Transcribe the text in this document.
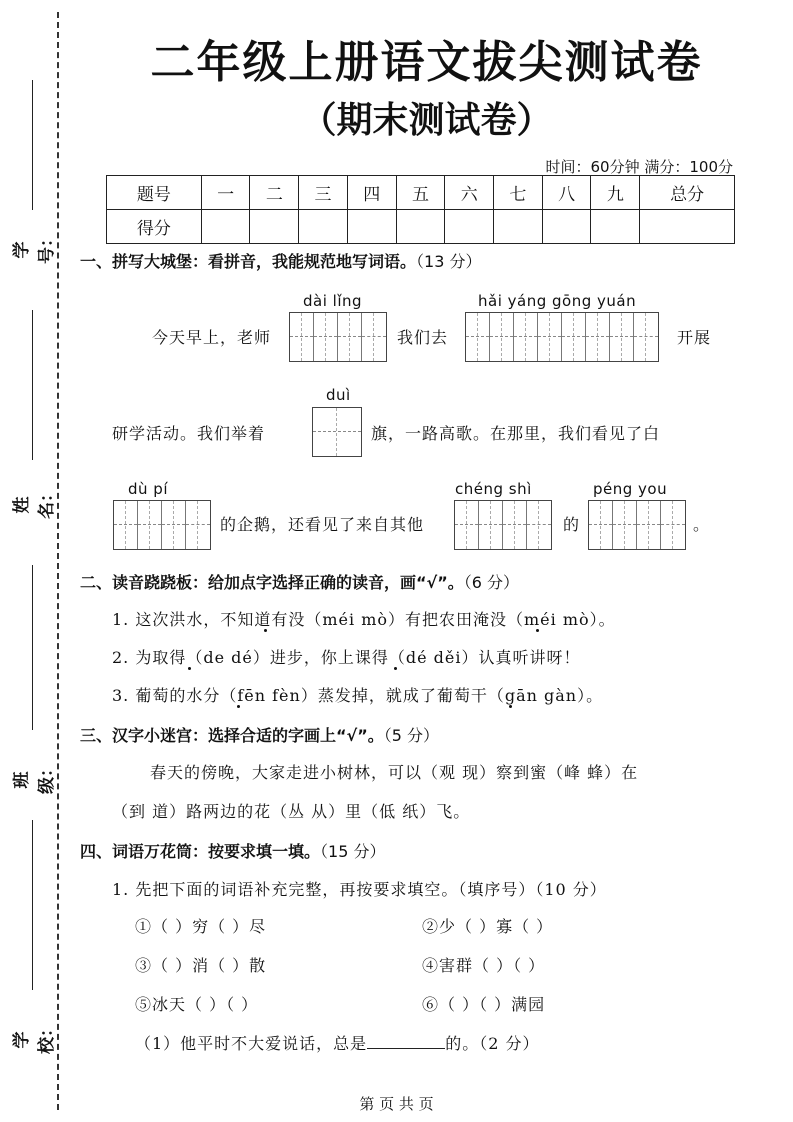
学号：
姓名：
班级：
学校：
二年级上册语文拔尖测试卷
（期末测试卷）
时间：60分钟 满分：100分
题号	一	二	三	四	五	六	七	八	九	总分
得分										
一、拼写大城堡：看拼音，我能规范地写词语。（13 分）
dài lǐng	hǎi yáng gōng yuán
今天早上，老师	我们去	开展
duì
研学活动。我们举着	旗，一路高歌。在那里，我们看见了白
dù pí	chéng shì	péng you
的企鹅，还看见了来自其他	的	。
二、读音跷跷板：给加点字选择正确的读音，画“√”。（6 分）
1. 这次洪水，不知道有没（méi mò）有把农田淹没（méi mò）。
2. 为取得（de dé）进步，你上课得（dé děi）认真听讲呀！
3. 葡萄的水分（fēn fèn）蒸发掉，就成了葡萄干（gān gàn）。
三、汉字小迷宫：选择合适的字画上“√”。（5 分）
春天的傍晚，大家走进小树林，可以（观 现）察到蜜（峰 蜂）在
（到 道）路两边的花（丛 从）里（低 纸）飞。
四、词语万花筒：按要求填一填。（15 分）
1. 先把下面的词语补充完整，再按要求填空。（填序号）（10 分）
①（ ）穷（ ）尽	②少（ ）寡（ ）
③（ ）消（ ）散	④害群（ ）（ ）
⑤冰天（ ）（ ）	⑥（ ）（ ）满园
（1）他平时不大爱说话，总是	的。（2 分）
第 页 共 页
